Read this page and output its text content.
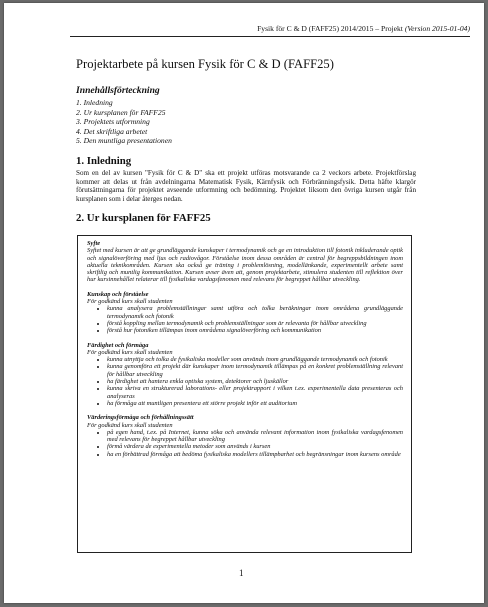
Fysik för C & D (FAFF25) 2014/2015 – Projekt (Version 2015-01-04)
Projektarbete på kursen Fysik för C & D (FAFF25)
Innehållsförteckning
1. Inledning
2. Ur kursplanen för FAFF25
3. Projektets utformning
4. Det skriftliga arbetet
5. Den muntliga presentationen
1. Inledning
Som en del av kursen "Fysik för C & D" ska ett projekt utföras motsvarande ca 2 veckors arbete. Projektförslag kommer att delas ut från avdelningarna Matematisk Fysik, Kärnfysik och Förbränningsfysik. Detta häfte klargör förutsättningarna för projektet avseende utformning och bedömning. Projektet liksom den övriga kursen utgår från kursplanen som i delar återges nedan.
2. Ur kursplanen för FAFF25
Syfte

Syftet med kursen är att ge grundläggande kunskaper i termodynamik och ge en introduktion till fotonik inkluderande optik och signalöverföring med ljus och radiovågor. Förståelse inom dessa områden är central för begreppsbildningen inom aktuella teknikområden. Kursen ska också ge träning i problemlösning, modellänkande, experimentellt arbete samt skriftlig och muntlig kommunikation. Kursen avser även att, genom projektarbete, stimulera studenten till reflektion över hur kursinnehållet relaterar till fysikaliska vardagsfenomen med relevans för begreppet hållbar utveckling.

Kunskap och förståelse
För godkänd kurs skall studenten
• kunna analysera problemställningar samt utföra och tolka beräkningar inom områdena grundläggande termodynamik och fotonik
• förstå koppling mellan termodynamik och problemställningar som är relevanta för hållbar utveckling
• förstå hur fotoniken tillämpas inom områdena signalöverföring och kommunikation
Färdighet och förmåga
För godkänd kurs skall studenten
• kunna utnyttja och tolka de fysikaliska modeller som används inom grundläggande termodynamik och fotonik
• kunna genomföra ett projekt där kunskaper inom termodynamik tillämpas på en konkret problemställning relevant för hållbar utveckling
• ha färdighet att hantera enkla optiska system, detektorer och ljuskällor
• kunna skriva en strukturerad laborations- eller projektrapport i vilken t.ex. experimentella data presenteras och analyseras
• ha förmåga att muntligen presentera ett större projekt inför ett auditorium
Värderingsförmåga och förhållningssätt
För godkänd kurs skall studenten
• på egen hand, t.ex. på Internet, kunna söka och använda relevant information inom fysikaliska vardagsfenomen med relevans för begreppet hållbar utveckling
• förmå värdera de experimentella metoder som används i kursen
• ha en förbättrad förmåga att bedöma fysikaliska modellers tillämpbarhet och begränsningar inom kursens område
1
